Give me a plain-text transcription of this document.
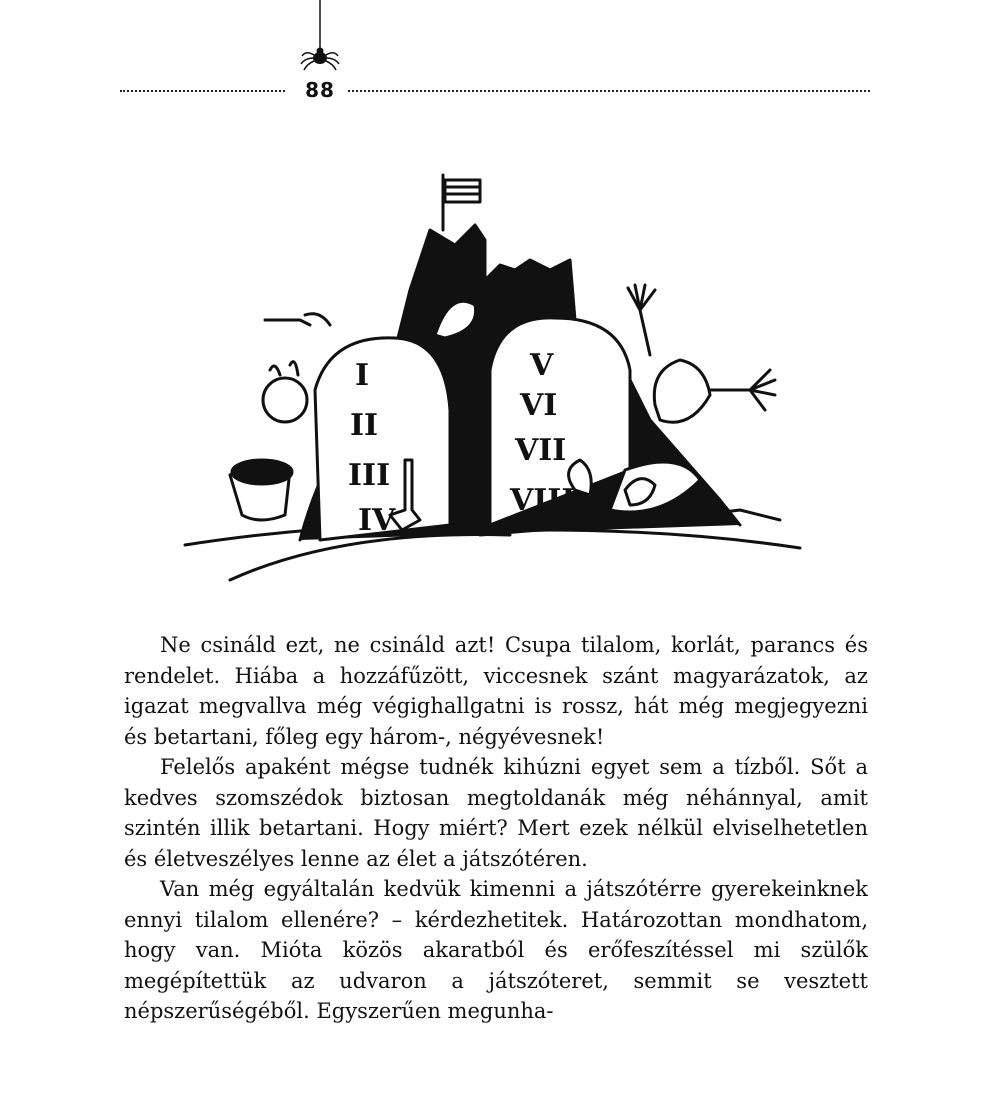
88
I
II
III
IV
V
VI
VII
VIII

Ne csináld ezt, ne csináld azt! Csupa tilalom, korlát, parancs és rendelet. Hiába a hozzáfűzött, viccesnek szánt magyarázatok, az igazat megvallva még végighallgatni is rossz, hát még megjegyezni és betartani, főleg egy három-, négyévesnek!

Felelős apaként mégse tudnék kihúzni egyet sem a tízből. Sőt a kedves szomszédok biztosan megtoldanák még néhánnyal, amit szintén illik betartani. Hogy miért? Mert ezek nélkül elviselhetetlen és életveszélyes lenne az élet a játszótéren.

Van még egyáltalán kedvük kimenni a játszótérre gyerekeinknek ennyi tilalom ellenére? – kérdezhetitek. Határozottan mondhatom, hogy van. Mióta közös akaratból és erőfeszítéssel mi szülők megépítettük az udvaron a játszóteret, semmit se vesztett népszerűségéből. Egyszerűen megunha-
